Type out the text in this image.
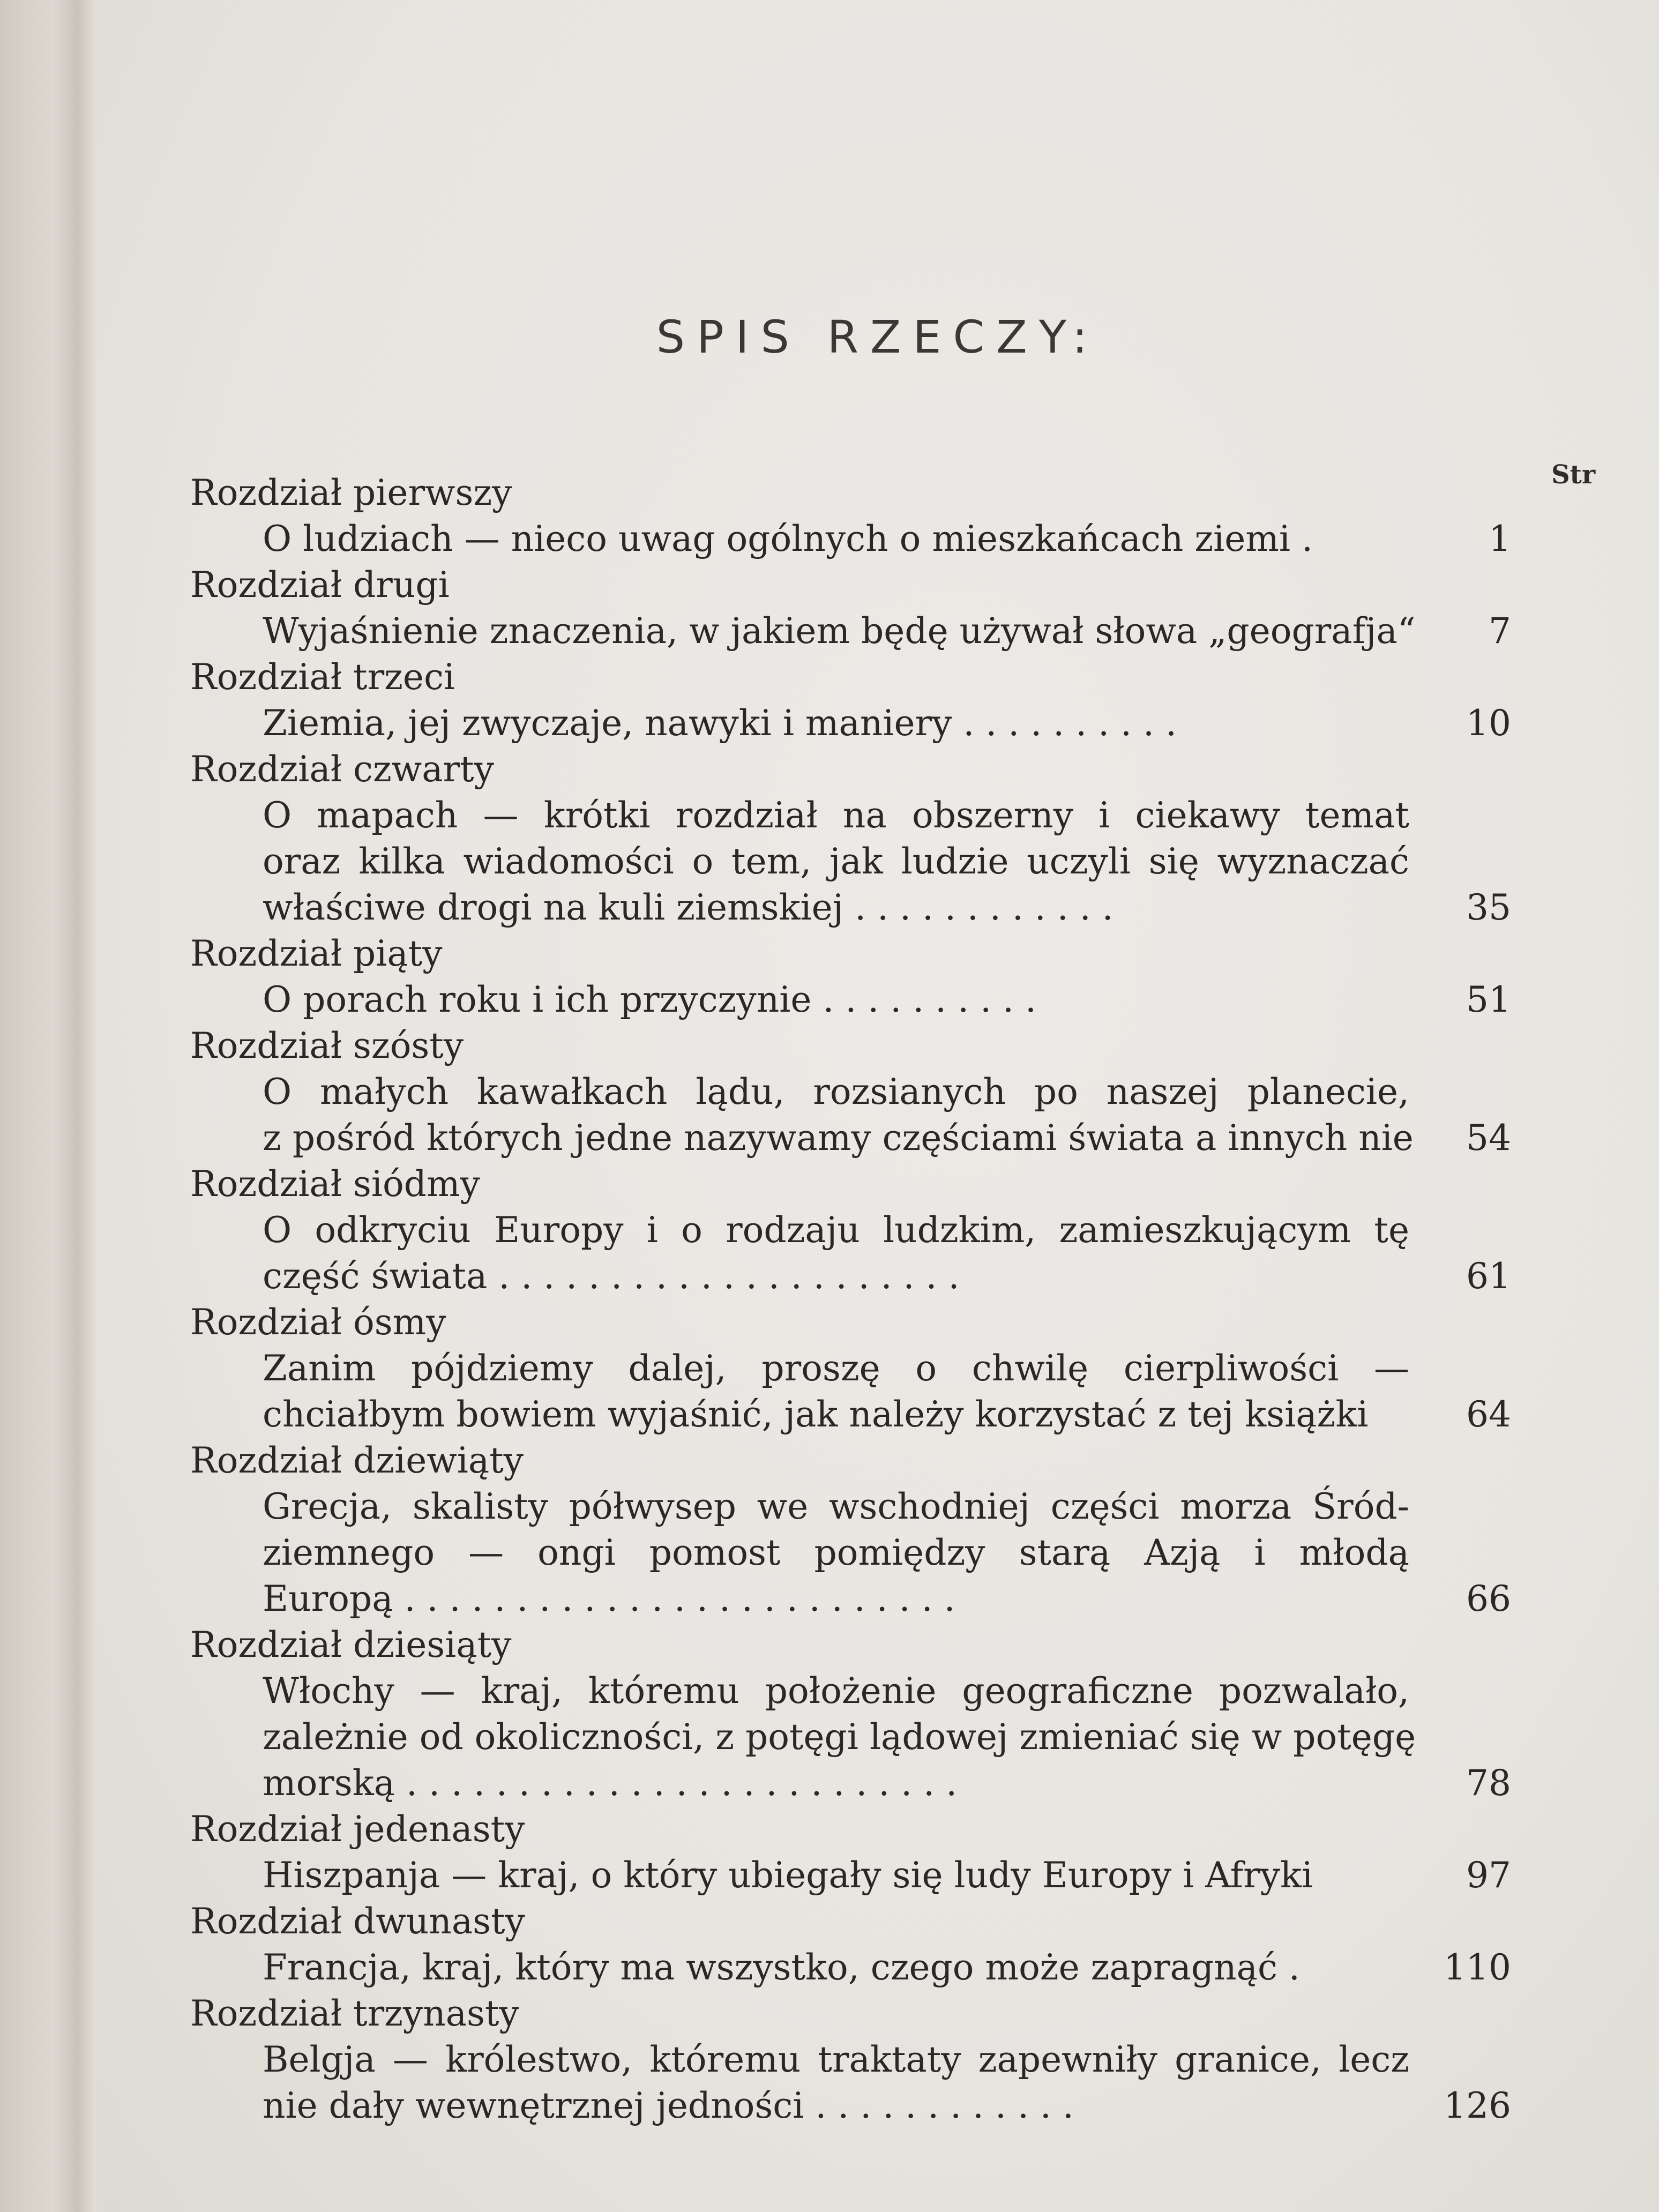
SPIS RZECZY:
Str
Rozdział pierwszy
O ludziach — nieco uwag ogólnych o mieszkańcach ziemi .	1
Rozdział drugi
Wyjaśnienie znaczenia, w jakiem będę używał słowa „geografja“	7
Rozdział trzeci
Ziemia, jej zwyczaje, nawyki i maniery . . . . . . . . . .	10
Rozdział czwarty
O mapach — krótki rozdział na obszerny i ciekawy temat
oraz kilka wiadomości o tem, jak ludzie uczyli się wyznaczać
właściwe drogi na kuli ziemskiej . . . . . . . . . . . .	35
Rozdział piąty
O porach roku i ich przyczynie . . . . . . . . . .	51
Rozdział szósty
O małych kawałkach lądu, rozsianych po naszej planecie,
z pośród których jedne nazywamy częściami świata a innych nie	54
Rozdział siódmy
O odkryciu Europy i o rodzaju ludzkim, zamieszkującym tę
część świata . . . . . . . . . . . . . . . . . . . . .	61
Rozdział ósmy
Zanim pójdziemy dalej, proszę o chwilę cierpliwości —
chciałbym bowiem wyjaśnić, jak należy korzystać z tej książki	64
Rozdział dziewiąty
Grecja, skalisty półwysep we wschodniej części morza Śród-
ziemnego — ongi pomost pomiędzy starą Azją i młodą
Europą . . . . . . . . . . . . . . . . . . . . . . . . .	66
Rozdział dziesiąty
Włochy — kraj, któremu położenie geograficzne pozwalało,
zależnie od okoliczności, z potęgi lądowej zmieniać się w potęgę
morską . . . . . . . . . . . . . . . . . . . . . . . . .	78
Rozdział jedenasty
Hiszpanja — kraj, o który ubiegały się ludy Europy i Afryki	97
Rozdział dwunasty
Francja, kraj, który ma wszystko, czego może zapragnąć .	110
Rozdział trzynasty
Belgja — królestwo, któremu traktaty zapewniły granice, lecz
nie dały wewnętrznej jedności . . . . . . . . . . . .	126
